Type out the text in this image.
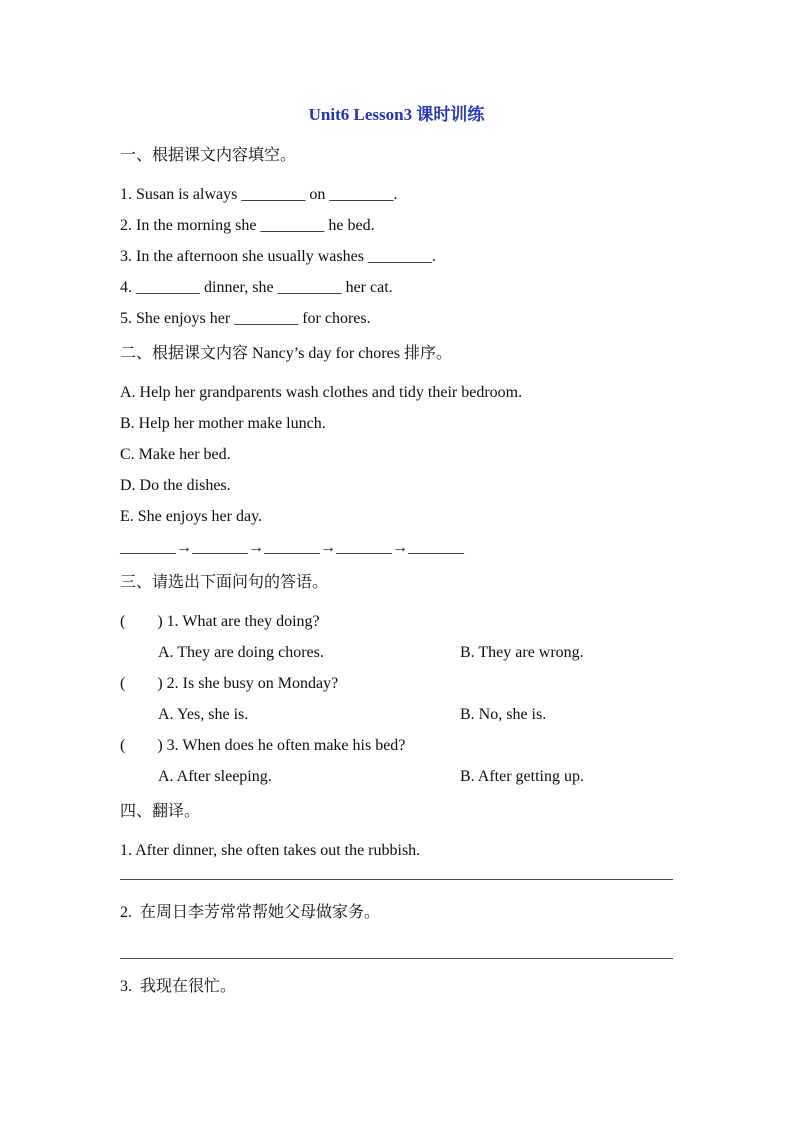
Unit6 Lesson3 课时训练
一、根据课文内容填空。
1. Susan is always ________ on ________.
2. In the morning she ________ he bed.
3. In the afternoon she usually washes ________.
4. ________ dinner, she ________ her cat.
5. She enjoys her ________ for chores.
二、根据课文内容 Nancy’s day for chores 排序。
A. Help her grandparents wash clothes and tidy their bedroom.
B. Help her mother make lunch.
C. Make her bed.
D. Do the dishes.
E. She enjoys her day.
_______→_______→_______→_______→_______
三、请选出下面问句的答语。
(        ) 1. What are they doing?
A. They are doing chores.	B. They are wrong.
(        ) 2. Is she busy on Monday?
A. Yes, she is.	B. No, she is.
(        ) 3. When does he often make his bed?
A. After sleeping.	B. After getting up.
四、翻译。
1. After dinner, she often takes out the rubbish.
2.  在周日李芳常常帮她父母做家务。
3.  我现在很忙。
